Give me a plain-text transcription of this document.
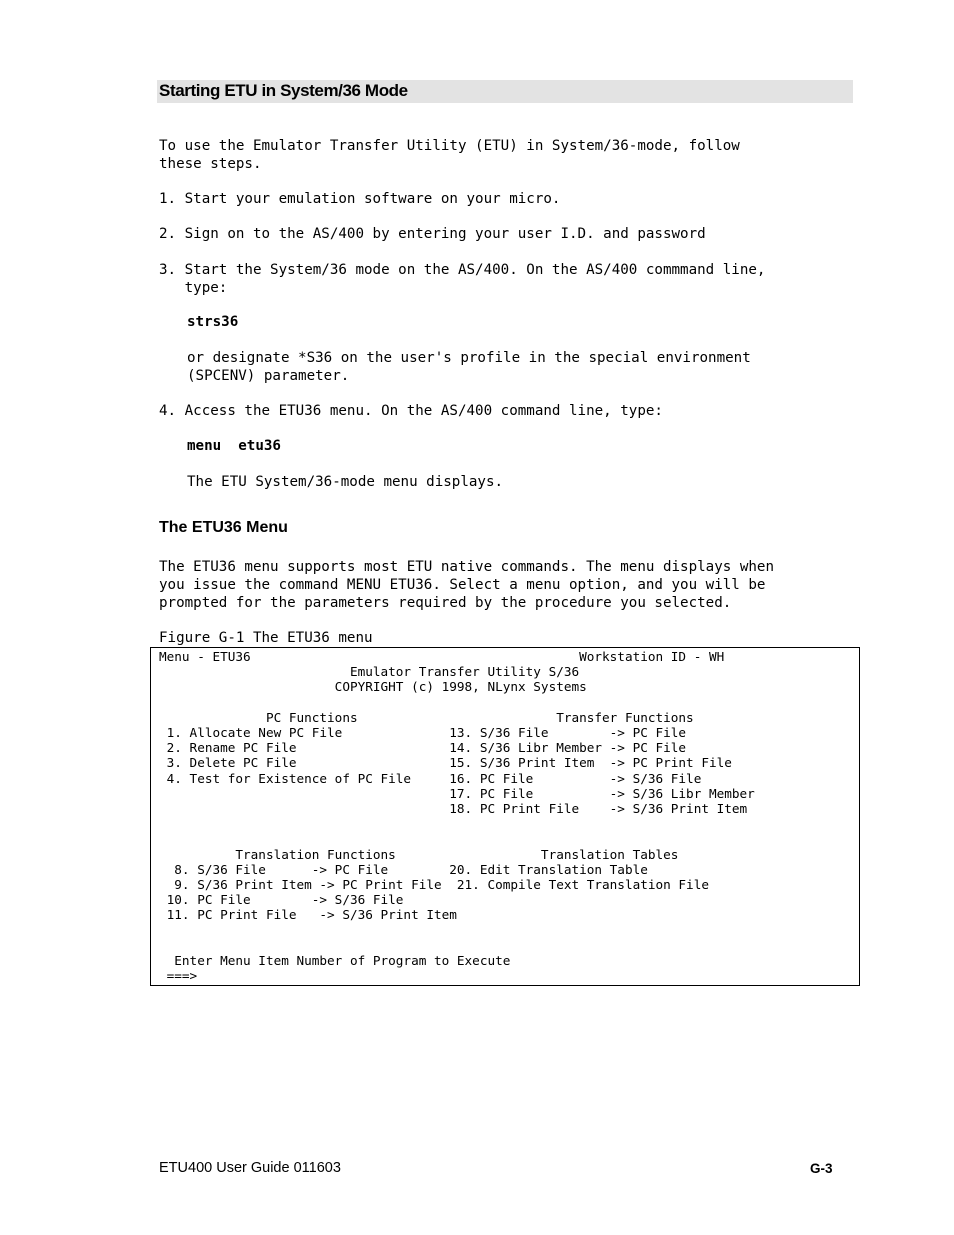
Starting ETU in System/36 Mode
To use the Emulator Transfer Utility (ETU) in System/36-mode, follow
these steps.
1. Start your emulation software on your micro.
2. Sign on to the AS/400 by entering your user I.D. and password
3. Start the System/36 mode on the AS/400. On the AS/400 commmand line,
type:
strs36
or designate *S36 on the user's profile in the special environment
(SPCENV) parameter.
4. Access the ETU36 menu. On the AS/400 command line, type:
menu  etu36
The ETU System/36-mode menu displays.
The ETU36 Menu
The ETU36 menu supports most ETU native commands. The menu displays when
you issue the command MENU ETU36. Select a menu option, and you will be
prompted for the parameters required by the procedure you selected.
Figure G-1 The ETU36 menu
Menu - ETU36                                           Workstation ID - WH
Emulator Transfer Utility S/36
COPYRIGHT (c) 1998, NLynx Systems

PC Functions                          Transfer Functions
1. Allocate New PC File              13. S/36 File        -> PC File
2. Rename PC File                    14. S/36 Libr Member -> PC File
3. Delete PC File                    15. S/36 Print Item  -> PC Print File
4. Test for Existence of PC File     16. PC File          -> S/36 File
17. PC File          -> S/36 Libr Member
18. PC Print File    -> S/36 Print Item

Translation Functions                   Translation Tables
8. S/36 File      -> PC File        20. Edit Translation Table
9. S/36 Print Item -> PC Print File  21. Compile Text Translation File
10. PC File        -> S/36 File
11. PC Print File   -> S/36 Print Item

Enter Menu Item Number of Program to Execute
===>
ETU400 User Guide 011603	G-3
